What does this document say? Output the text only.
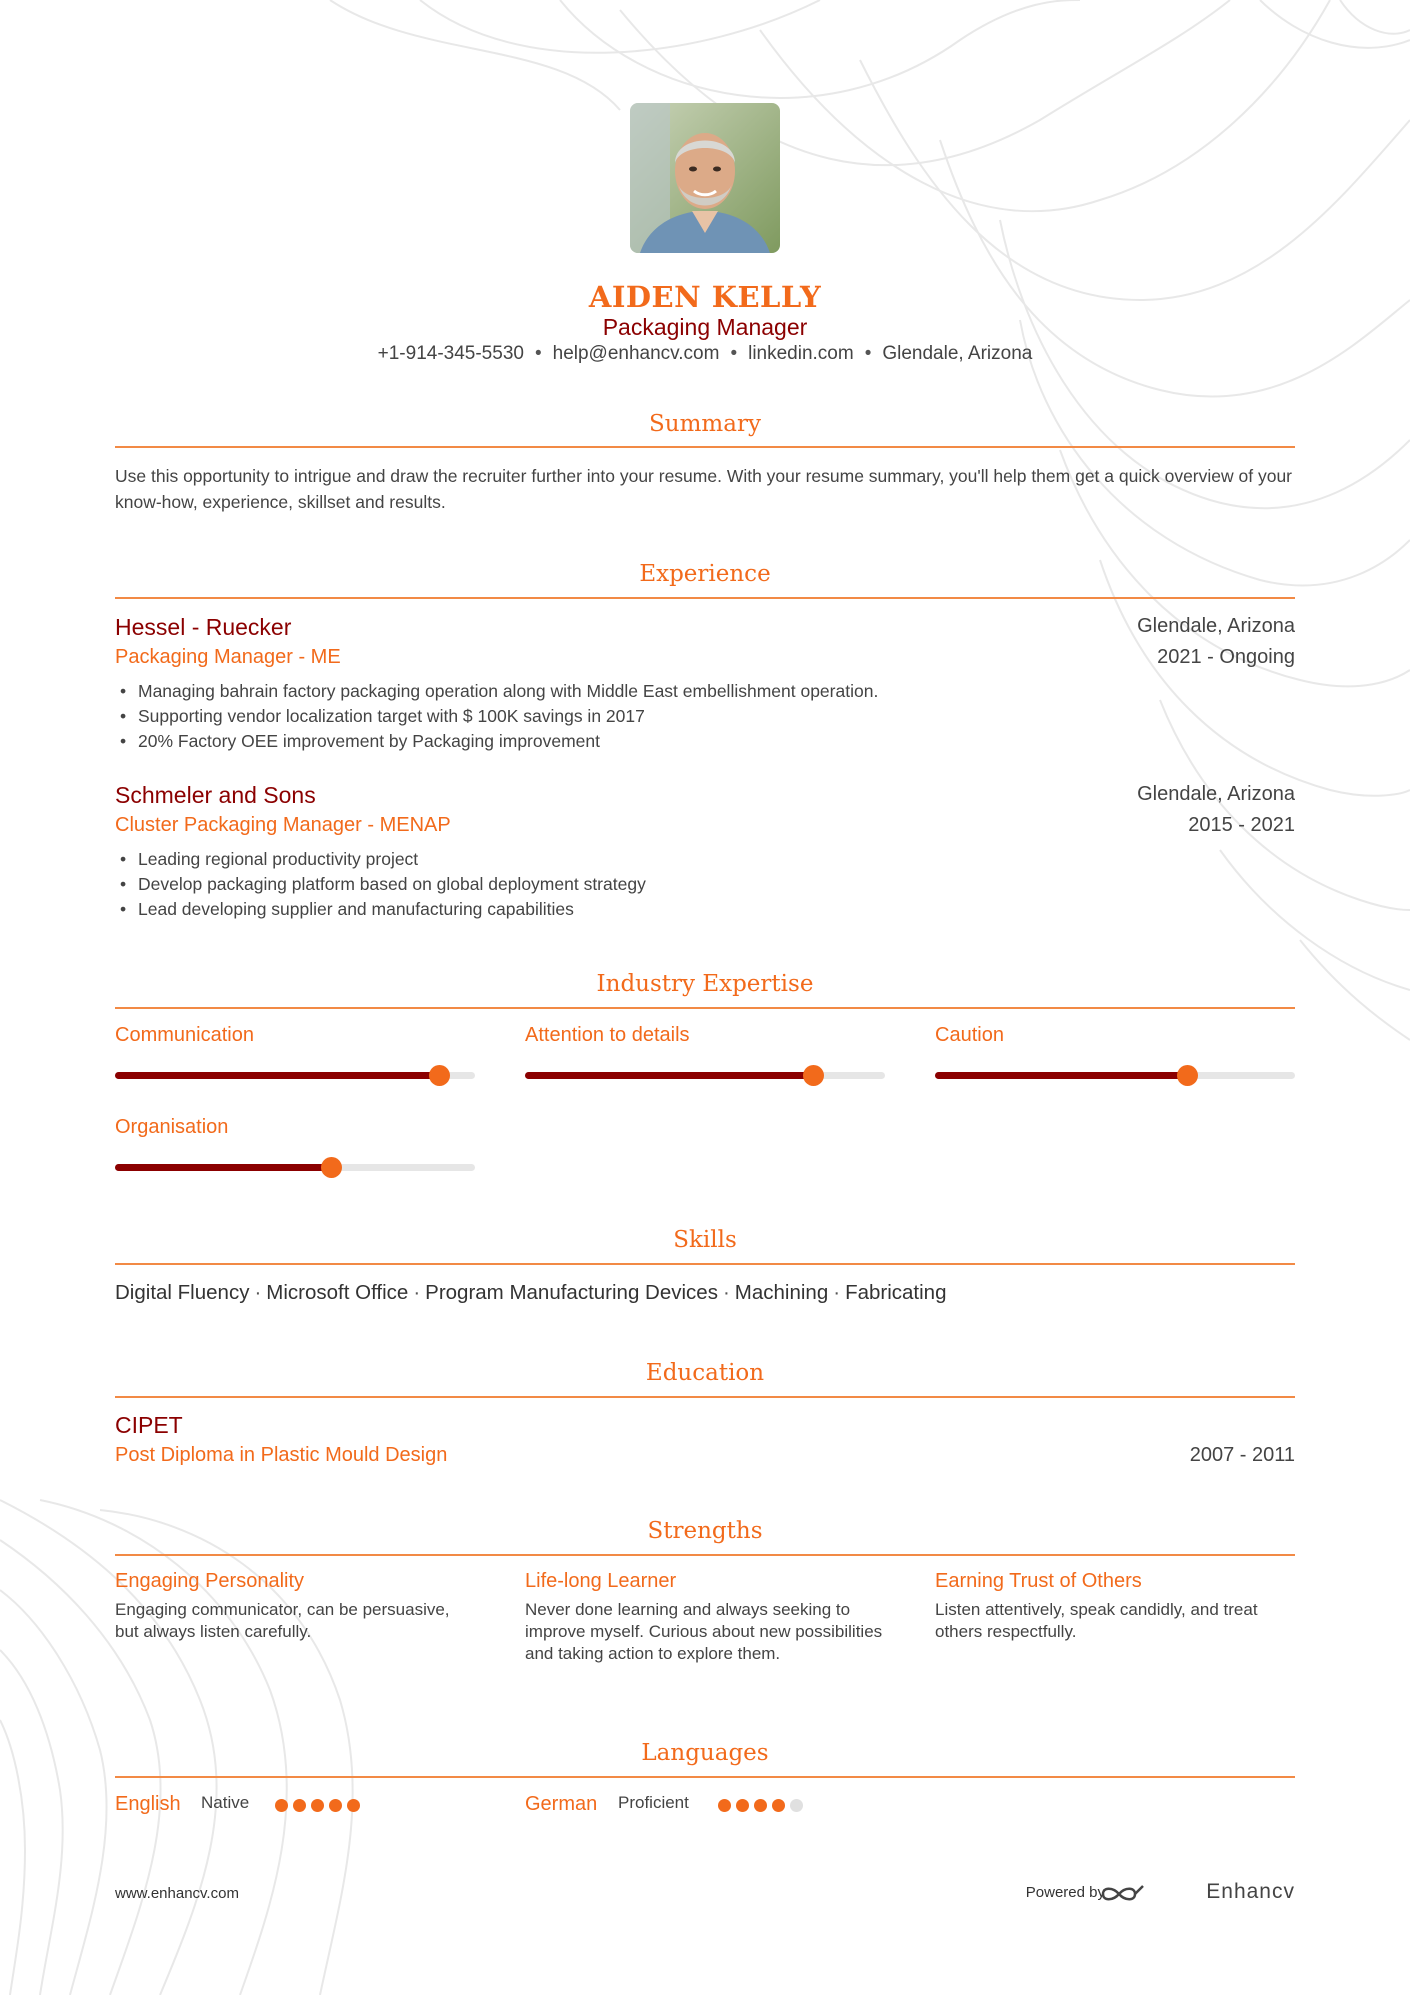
AIDEN KELLY
Packaging Manager
+1-914-345-5530 • help@enhancv.com • linkedin.com • Glendale, Arizona
Summary
Use this opportunity to intrigue and draw the recruiter further into your resume. With your resume summary, you'll help them get a quick overview of your know-how, experience, skillset and results.
Experience
Hessel - Ruecker	Glendale, Arizona
Packaging Manager - ME	2021 - Ongoing
• Managing bahrain factory packaging operation along with Middle East embellishment operation.
• Supporting vendor localization target with $ 100K savings in 2017
• 20% Factory OEE improvement by Packaging improvement
Schmeler and Sons	Glendale, Arizona
Cluster Packaging Manager - MENAP	2015 - 2021
• Leading regional productivity project
• Develop packaging platform based on global deployment strategy
• Lead developing supplier and manufacturing capabilities
Industry Expertise
Communication	Attention to details	Caution
Organisation
Skills
Digital Fluency · Microsoft Office · Program Manufacturing Devices · Machining · Fabricating
Education
CIPET
Post Diploma in Plastic Mould Design	2007 - 2011
Strengths
Engaging Personality
Engaging communicator, can be persuasive, but always listen carefully.
Life-long Learner
Never done learning and always seeking to improve myself. Curious about new possibilities and taking action to explore them.
Earning Trust of Others
Listen attentively, speak candidly, and treat others respectfully.
Languages
English Native	German Proficient
www.enhancv.com	Powered by	Enhancv
